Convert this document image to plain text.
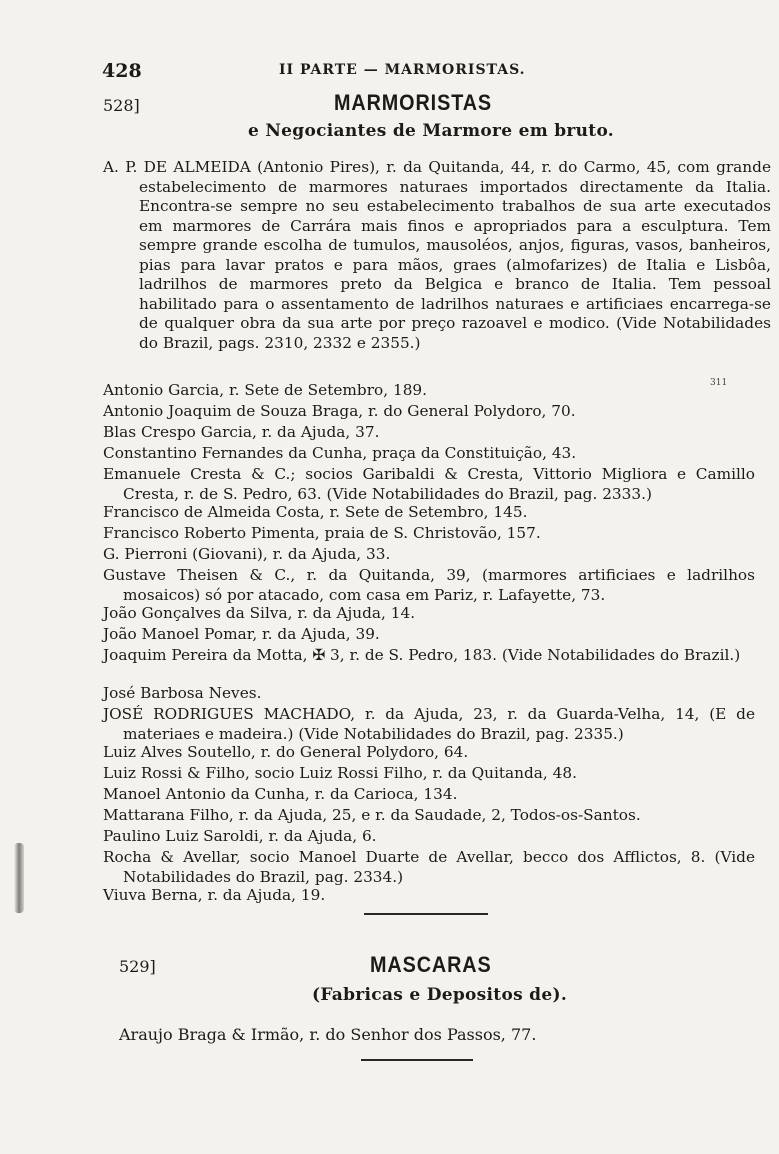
428	II PARTE — MARMORISTAS.
528]	MARMORISTAS
e Negociantes de Marmore em bruto.
A. P. DE ALMEIDA (Antonio Pires), r. da Quitanda, 44, r. do Carmo, 45, com grande estabelecimento de marmores naturaes importados directamente da Italia. Encontra-se sempre no seu estabelecimento trabalhos de sua arte executados em marmores de Carrára mais finos e apropriados para a esculptura. Tem sempre grande escolha de tumulos, mausoléos, anjos, figuras, vasos, banheiros, pias para lavar pratos e para mãos, graes (almofarizes) de Italia e Lisbôa, ladrilhos de marmores preto da Belgica e branco de Italia. Tem pessoal habilitado para o assentamento de ladrilhos naturaes e artificiaes encarrega-se de qualquer obra da sua arte por preço razoavel e modico. (Vide Notabilidades do Brazil, pags. 2310, 2332 e 2355.)
311
Antonio Garcia, r. Sete de Setembro, 189.
Antonio Joaquim de Souza Braga, r. do General Polydoro, 70.
Blas Crespo Garcia, r. da Ajuda, 37.
Constantino Fernandes da Cunha, praça da Constituição, 43.
Emanuele Cresta & C.; socios Garibaldi & Cresta, Vittorio Migliora e Camillo Cresta, r. de S. Pedro, 63. (Vide Notabilidades do Brazil, pag. 2333.)
Francisco de Almeida Costa, r. Sete de Setembro, 145.
Francisco Roberto Pimenta, praia de S. Christovão, 157.
G. Pierroni (Giovani), r. da Ajuda, 33.
Gustave Theisen & C., r. da Quitanda, 39, (marmores artificiaes e ladrilhos mosaicos) só por atacado, com casa em Pariz, r. Lafayette, 73.
João Gonçalves da Silva, r. da Ajuda, 14.
João Manoel Pomar, r. da Ajuda, 39.
Joaquim Pereira da Motta, ✠ 3, r. de S. Pedro, 183. (Vide Notabilidades do Brazil.)
José Barbosa Neves.
JOSÉ RODRIGUES MACHADO, r. da Ajuda, 23, r. da Guarda-Velha, 14, (E de materiaes e madeira.) (Vide Notabilidades do Brazil, pag. 2335.)
Luiz Alves Soutello, r. do General Polydoro, 64.
Luiz Rossi & Filho, socio Luiz Rossi Filho, r. da Quitanda, 48.
Manoel Antonio da Cunha, r. da Carioca, 134.
Mattarana Filho, r. da Ajuda, 25, e r. da Saudade, 2, Todos-os-Santos.
Paulino Luiz Saroldi, r. da Ajuda, 6.
Rocha & Avellar, socio Manoel Duarte de Avellar, becco dos Afflictos, 8. (Vide Notabilidades do Brazil, pag. 2334.)
Viuva Berna, r. da Ajuda, 19.
529]	MASCARAS
(Fabricas e Depositos de).
Araujo Braga & Irmão, r. do Senhor dos Passos, 77.
